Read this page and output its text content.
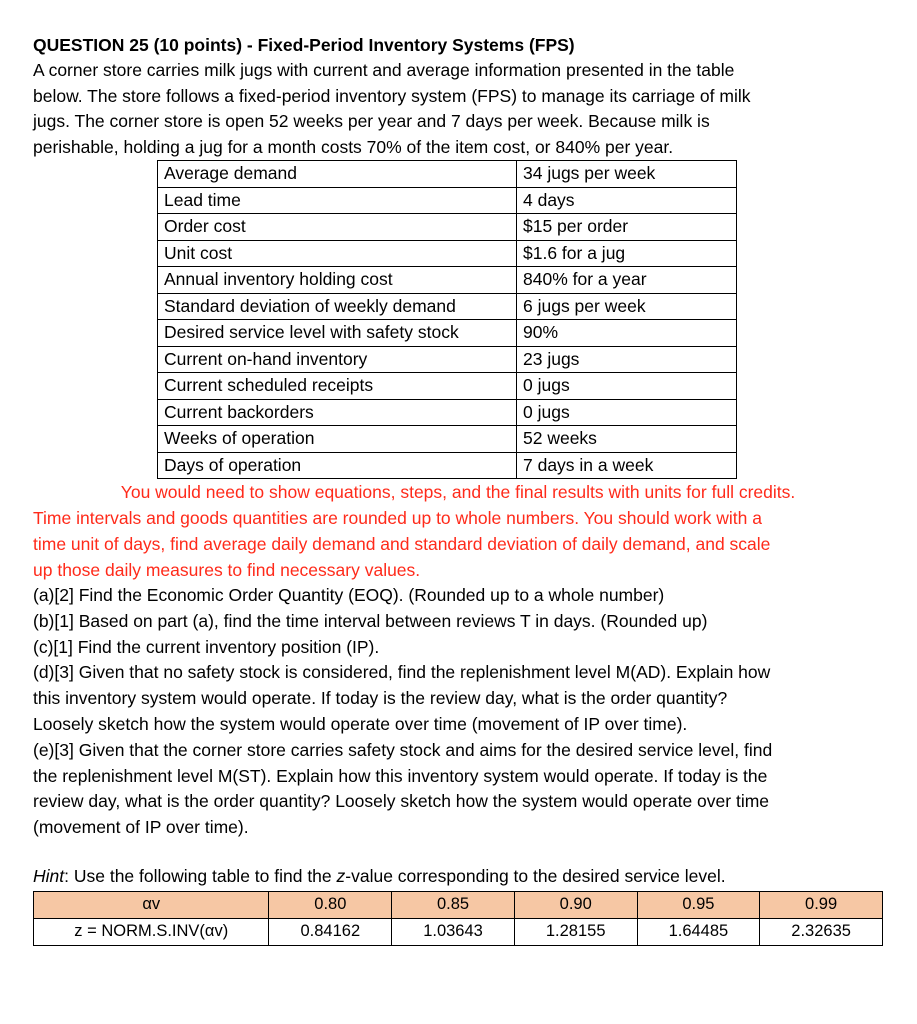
QUESTION 25 (10 points) - Fixed-Period Inventory Systems (FPS)
A corner store carries milk jugs with current and average information presented in the table
below. The store follows a fixed-period inventory system (FPS) to manage its carriage of milk
jugs. The corner store is open 52 weeks per year and 7 days per week. Because milk is
perishable, holding a jug for a month costs 70% of the item cost, or 840% per year.
Average demand	34 jugs per week
Lead time	4 days
Order cost	$15 per order
Unit cost	$1.6 for a jug
Annual inventory holding cost	840% for a year
Standard deviation of weekly demand	6 jugs per week
Desired service level with safety stock	90%
Current on-hand inventory	23 jugs
Current scheduled receipts	0 jugs
Current backorders	0 jugs
Weeks of operation	52 weeks
Days of operation	7 days in a week
You would need to show equations, steps, and the final results with units for full credits.
Time intervals and goods quantities are rounded up to whole numbers. You should work with a
time unit of days, find average daily demand and standard deviation of daily demand, and scale
up those daily measures to find necessary values.
(a)[2] Find the Economic Order Quantity (EOQ). (Rounded up to a whole number)
(b)[1] Based on part (a), find the time interval between reviews T in days. (Rounded up)
(c)[1] Find the current inventory position (IP).
(d)[3] Given that no safety stock is considered, find the replenishment level M(AD). Explain how
this inventory system would operate. If today is the review day, what is the order quantity?
Loosely sketch how the system would operate over time (movement of IP over time).
(e)[3] Given that the corner store carries safety stock and aims for the desired service level, find
the replenishment level M(ST). Explain how this inventory system would operate. If today is the
review day, what is the order quantity? Loosely sketch how the system would operate over time
(movement of IP over time).
Hint: Use the following table to find the z-value corresponding to the desired service level.
αv	0.80	0.85	0.90	0.95	0.99
z = NORM.S.INV(αv)	0.84162	1.03643	1.28155	1.64485	2.32635
